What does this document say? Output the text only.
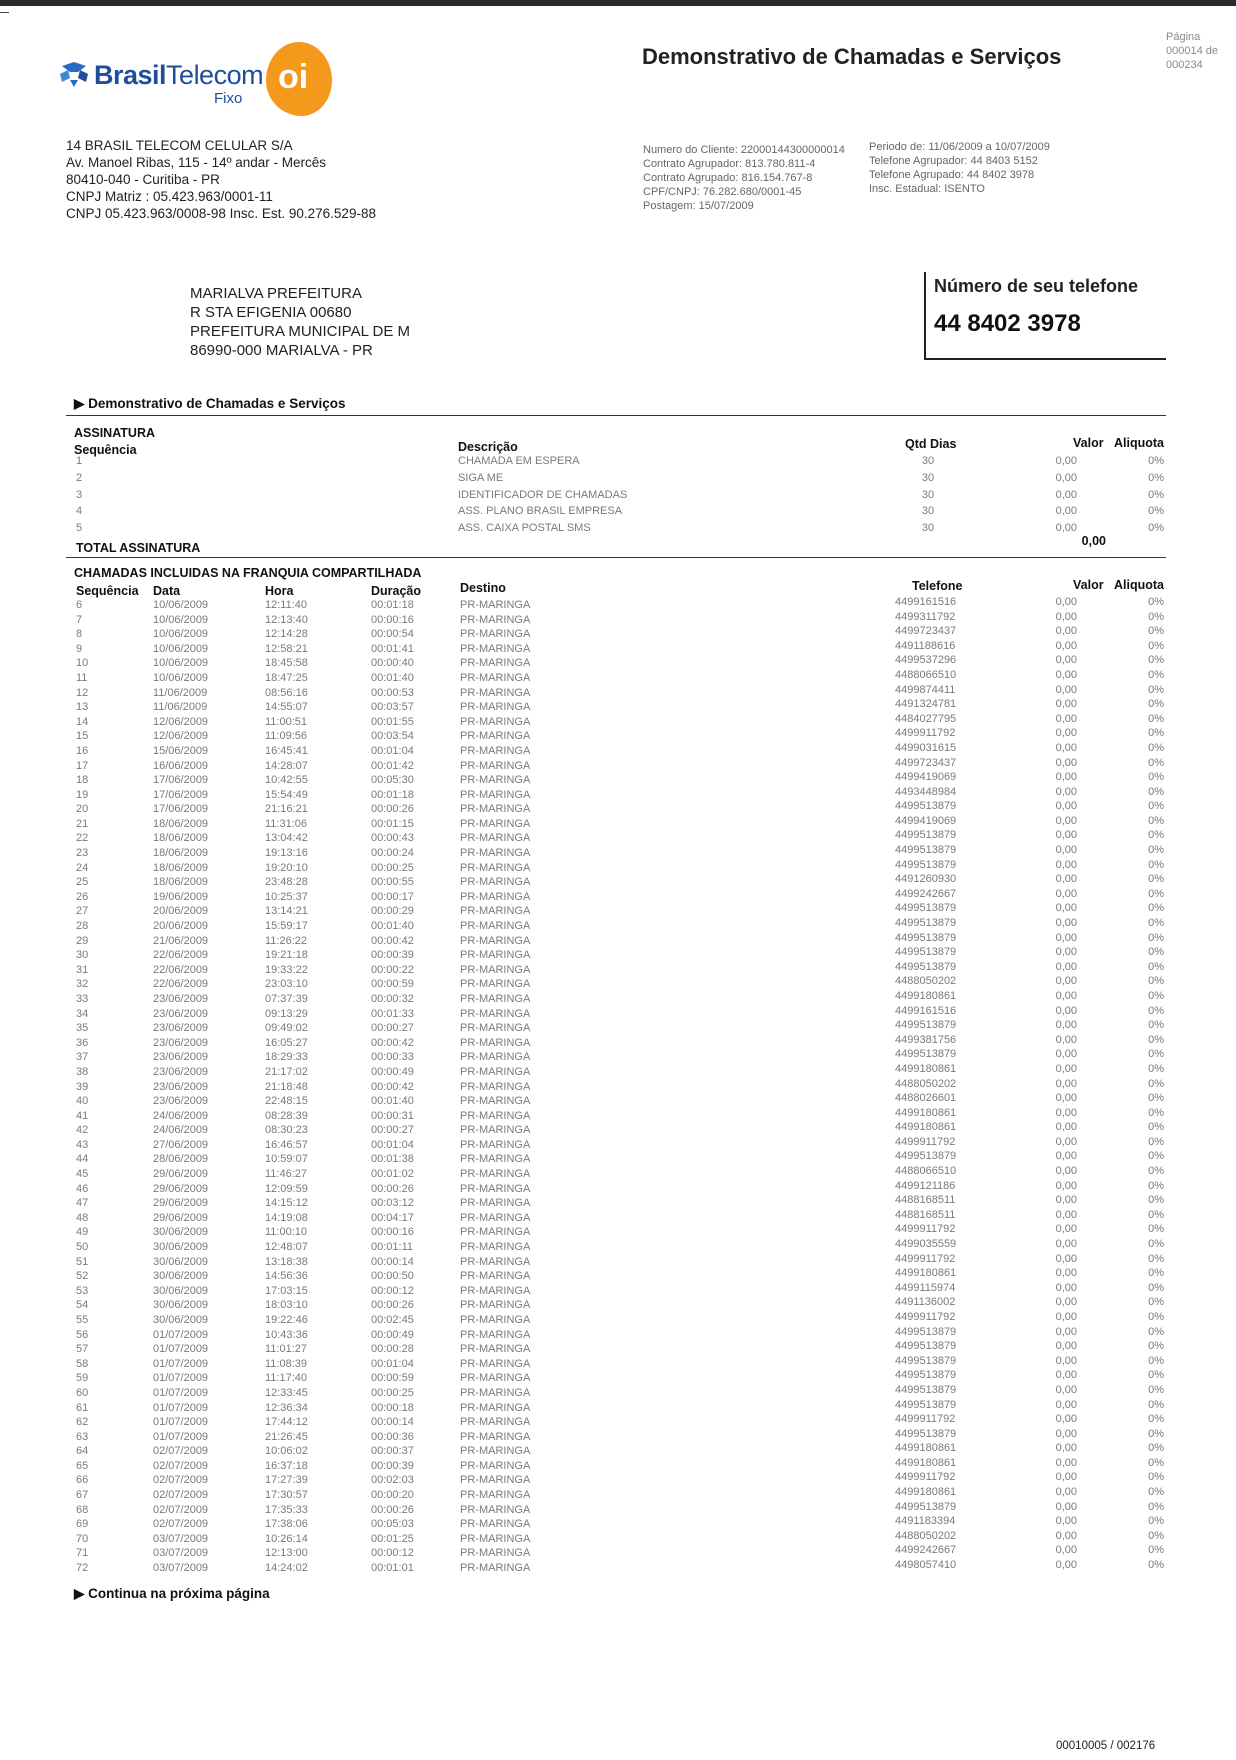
BrasilTelecom
Fixo
oi
Demonstrativo de Chamadas e Serviços
Página
000014 de 000234
14 BRASIL TELECOM CELULAR S/A
Av. Manoel Ribas, 115 - 14º andar - Mercês
80410-040 - Curitiba - PR
CNPJ Matriz : 05.423.963/0001-11
CNPJ 05.423.963/0008-98 Insc. Est. 90.276.529-88
Numero do Cliente: 22000144300000014
Contrato Agrupador: 813.780.811-4
Contrato Agrupado: 816.154.767-8
CPF/CNPJ: 76.282.680/0001-45
Postagem: 15/07/2009
Periodo de: 11/06/2009 a 10/07/2009
Telefone Agrupador: 44 8403 5152
Telefone Agrupado: 44 8402 3978
Insc. Estadual: ISENTO
MARIALVA PREFEITURA
R STA EFIGENIA 00680
PREFEITURA MUNICIPAL DE M
86990-000 MARIALVA - PR
Número de seu telefone
44 8402 3978
▶ Demonstrativo de Chamadas e Serviços
ASSINATURA
Sequência	Descrição	Qtd Dias	Valor Aliquota
1	CHAMADA EM ESPERA	30	0,00	0%
2	SIGA ME	30	0,00	0%
3	IDENTIFICADOR DE CHAMADAS	30	0,00	0%
4	ASS. PLANO BRASIL EMPRESA	30	0,00	0%
5	ASS. CAIXA POSTAL SMS	30	0,00	0%
TOTAL ASSINATURA	0,00
CHAMADAS INCLUIDAS NA FRANQUIA COMPARTILHADA
Sequência Data	Hora	Duração	Destino	Telefone	Valor Aliquota
6	10/06/2009	12:11:40	00:01:18	PR-MARINGA	4499161516	0,00	0%
7	10/06/2009	12:13:40	00:00:16	PR-MARINGA	4499311792	0,00	0%
8	10/06/2009	12:14:28	00:00:54	PR-MARINGA	4499723437	0,00	0%
9	10/06/2009	12:58:21	00:01:41	PR-MARINGA	4491188616	0,00	0%
10	10/06/2009	18:45:58	00:00:40	PR-MARINGA	4499537296	0,00	0%
11	10/06/2009	18:47:25	00:01:40	PR-MARINGA	4488066510	0,00	0%
12	11/06/2009	08:56:16	00:00:53	PR-MARINGA	4499874411	0,00	0%
13	11/06/2009	14:55:07	00:03:57	PR-MARINGA	4491324781	0,00	0%
14	12/06/2009	11:00:51	00:01:55	PR-MARINGA	4484027795	0,00	0%
15	12/06/2009	11:09:56	00:03:54	PR-MARINGA	4499911792	0,00	0%
16	15/06/2009	16:45:41	00:01:04	PR-MARINGA	4499031615	0,00	0%
17	16/06/2009	14:28:07	00:01:42	PR-MARINGA	4499723437	0,00	0%
18	17/06/2009	10:42:55	00:05:30	PR-MARINGA	4499419069	0,00	0%
19	17/06/2009	15:54:49	00:01:18	PR-MARINGA	4493448984	0,00	0%
20	17/06/2009	21:16:21	00:00:26	PR-MARINGA	4499513879	0,00	0%
21	18/06/2009	11:31:06	00:01:15	PR-MARINGA	4499419069	0,00	0%
22	18/06/2009	13:04:42	00:00:43	PR-MARINGA	4499513879	0,00	0%
23	18/06/2009	19:13:16	00:00:24	PR-MARINGA	4499513879	0,00	0%
24	18/06/2009	19:20:10	00:00:25	PR-MARINGA	4499513879	0,00	0%
25	18/06/2009	23:48:28	00:00:55	PR-MARINGA	4491260930	0,00	0%
26	19/06/2009	10:25:37	00:00:17	PR-MARINGA	4499242667	0,00	0%
27	20/06/2009	13:14:21	00:00:29	PR-MARINGA	4499513879	0,00	0%
28	20/06/2009	15:59:17	00:01:40	PR-MARINGA	4499513879	0,00	0%
29	21/06/2009	11:26:22	00:00:42	PR-MARINGA	4499513879	0,00	0%
30	22/06/2009	19:21:18	00:00:39	PR-MARINGA	4499513879	0,00	0%
31	22/06/2009	19:33:22	00:00:22	PR-MARINGA	4499513879	0,00	0%
32	22/06/2009	23:03:10	00:00:59	PR-MARINGA	4488050202	0,00	0%
33	23/06/2009	07:37:39	00:00:32	PR-MARINGA	4499180861	0,00	0%
34	23/06/2009	09:13:29	00:01:33	PR-MARINGA	4499161516	0,00	0%
35	23/06/2009	09:49:02	00:00:27	PR-MARINGA	4499513879	0,00	0%
36	23/06/2009	16:05:27	00:00:42	PR-MARINGA	4499381756	0,00	0%
37	23/06/2009	18:29:33	00:00:33	PR-MARINGA	4499513879	0,00	0%
38	23/06/2009	21:17:02	00:00:49	PR-MARINGA	4499180861	0,00	0%
39	23/06/2009	21:18:48	00:00:42	PR-MARINGA	4488050202	0,00	0%
40	23/06/2009	22:48:15	00:01:40	PR-MARINGA	4488026601	0,00	0%
41	24/06/2009	08:28:39	00:00:31	PR-MARINGA	4499180861	0,00	0%
42	24/06/2009	08:30:23	00:00:27	PR-MARINGA	4499180861	0,00	0%
43	27/06/2009	16:46:57	00:01:04	PR-MARINGA	4499911792	0,00	0%
44	28/06/2009	10:59:07	00:01:38	PR-MARINGA	4499513879	0,00	0%
45	29/06/2009	11:46:27	00:01:02	PR-MARINGA	4488066510	0,00	0%
46	29/06/2009	12:09:59	00:00:26	PR-MARINGA	4499121186	0,00	0%
47	29/06/2009	14:15:12	00:03:12	PR-MARINGA	4488168511	0,00	0%
48	29/06/2009	14:19:08	00:04:17	PR-MARINGA	4488168511	0,00	0%
49	30/06/2009	11:00:10	00:00:16	PR-MARINGA	4499911792	0,00	0%
50	30/06/2009	12:48:07	00:01:11	PR-MARINGA	4499035559	0,00	0%
51	30/06/2009	13:18:38	00:00:14	PR-MARINGA	4499911792	0,00	0%
52	30/06/2009	14:56:36	00:00:50	PR-MARINGA	4499180861	0,00	0%
53	30/06/2009	17:03:15	00:00:12	PR-MARINGA	4499115974	0,00	0%
54	30/06/2009	18:03:10	00:00:26	PR-MARINGA	4491136002	0,00	0%
55	30/06/2009	19:22:46	00:02:45	PR-MARINGA	4499911792	0,00	0%
56	01/07/2009	10:43:36	00:00:49	PR-MARINGA	4499513879	0,00	0%
57	01/07/2009	11:01:27	00:00:28	PR-MARINGA	4499513879	0,00	0%
58	01/07/2009	11:08:39	00:01:04	PR-MARINGA	4499513879	0,00	0%
59	01/07/2009	11:17:40	00:00:59	PR-MARINGA	4499513879	0,00	0%
60	01/07/2009	12:33:45	00:00:25	PR-MARINGA	4499513879	0,00	0%
61	01/07/2009	12:36:34	00:00:18	PR-MARINGA	4499513879	0,00	0%
62	01/07/2009	17:44:12	00:00:14	PR-MARINGA	4499911792	0,00	0%
63	01/07/2009	21:26:45	00:00:36	PR-MARINGA	4499513879	0,00	0%
64	02/07/2009	10:06:02	00:00:37	PR-MARINGA	4499180861	0,00	0%
65	02/07/2009	16:37:18	00:00:39	PR-MARINGA	4499180861	0,00	0%
66	02/07/2009	17:27:39	00:02:03	PR-MARINGA	4499911792	0,00	0%
67	02/07/2009	17:30:57	00:00:20	PR-MARINGA	4499180861	0,00	0%
68	02/07/2009	17:35:33	00:00:26	PR-MARINGA	4499513879	0,00	0%
69	02/07/2009	17:38:06	00:05:03	PR-MARINGA	4491183394	0,00	0%
70	03/07/2009	10:26:14	00:01:25	PR-MARINGA	4488050202	0,00	0%
71	03/07/2009	12:13:00	00:00:12	PR-MARINGA	4499242667	0,00	0%
72	03/07/2009	14:24:02	00:01:01	PR-MARINGA	4498057410	0,00	0%
▶ Continua na próxima página
00010005 / 002176
